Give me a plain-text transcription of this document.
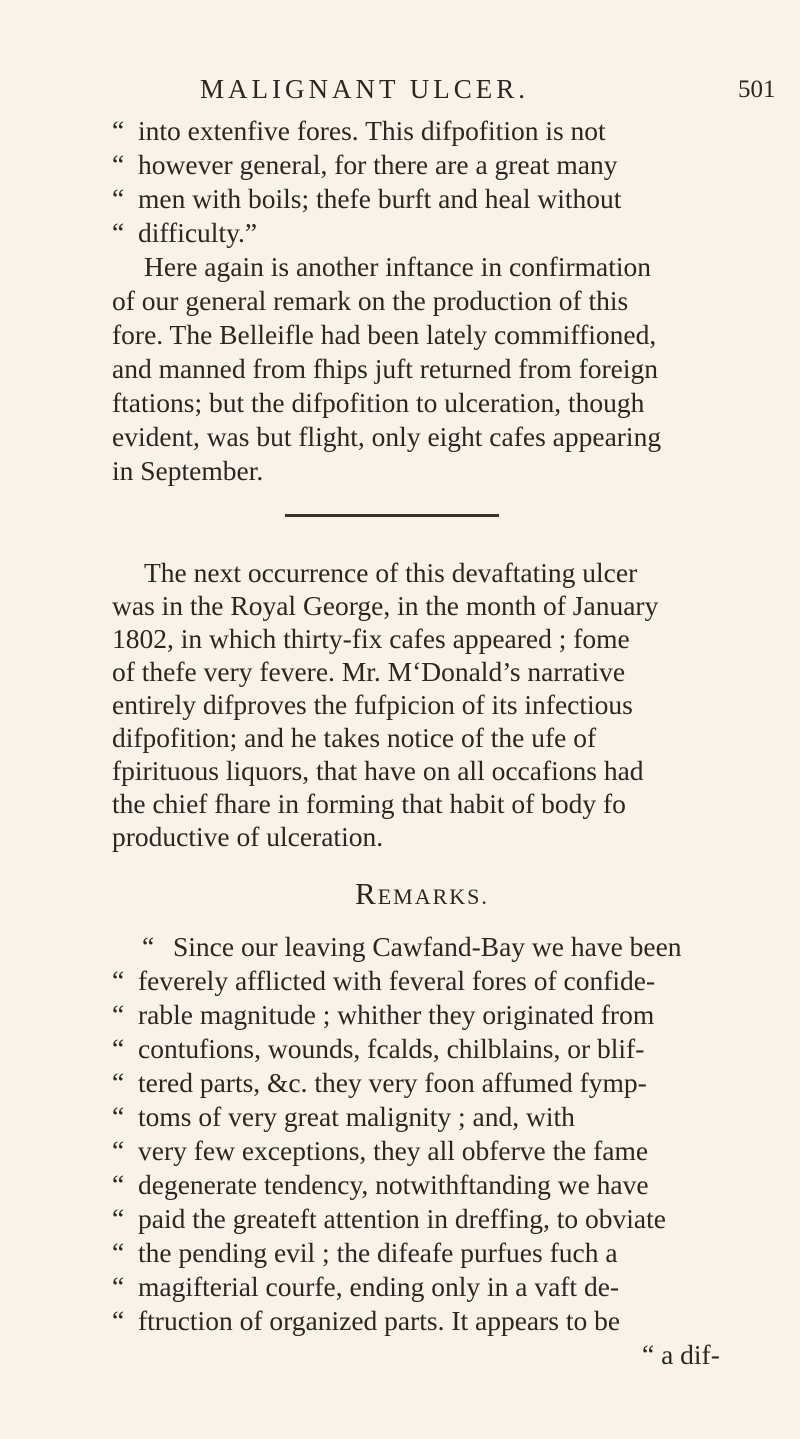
MALIGNANT ULCER.	501
“ into extenfive fores. This difpofition is not
“ however general, for there are a great many
“ men with boils; thefe burft and heal without
“ difficulty.”
Here again is another inftance in confirmation
of our general remark on the production of this
fore. The Belleifle had been lately commiffioned,
and manned from fhips juft returned from foreign
ftations; but the difpofition to ulceration, though
evident, was but flight, only eight cafes appearing
in September.
The next occurrence of this devaftating ulcer
was in the Royal George, in the month of January
1802, in which thirty-fix cafes appeared ; fome
of thefe very fevere. Mr. M‘Donald’s narrative
entirely difproves the fufpicion of its infectious
difpofition; and he takes notice of the ufe of
fpirituous liquors, that have on all occafions had
the chief fhare in forming that habit of body fo
productive of ulceration.
REMARKS.
“ Since our leaving Cawfand-Bay we have been
“ feverely afflicted with feveral fores of confide-
“ rable magnitude ; whither they originated from
“ contufions, wounds, fcalds, chilblains, or blif-
“ tered parts, &c. they very foon affumed fymp-
“ toms of very great malignity ; and, with
“ very few exceptions, they all obferve the fame
“ degenerate tendency, notwithftanding we have
“ paid the greateft attention in dreffing, to obviate
“ the pending evil ; the difeafe purfues fuch a
“ magifterial courfe, ending only in a vaft de-
“ ftruction of organized parts. It appears to be
“ a dif-
